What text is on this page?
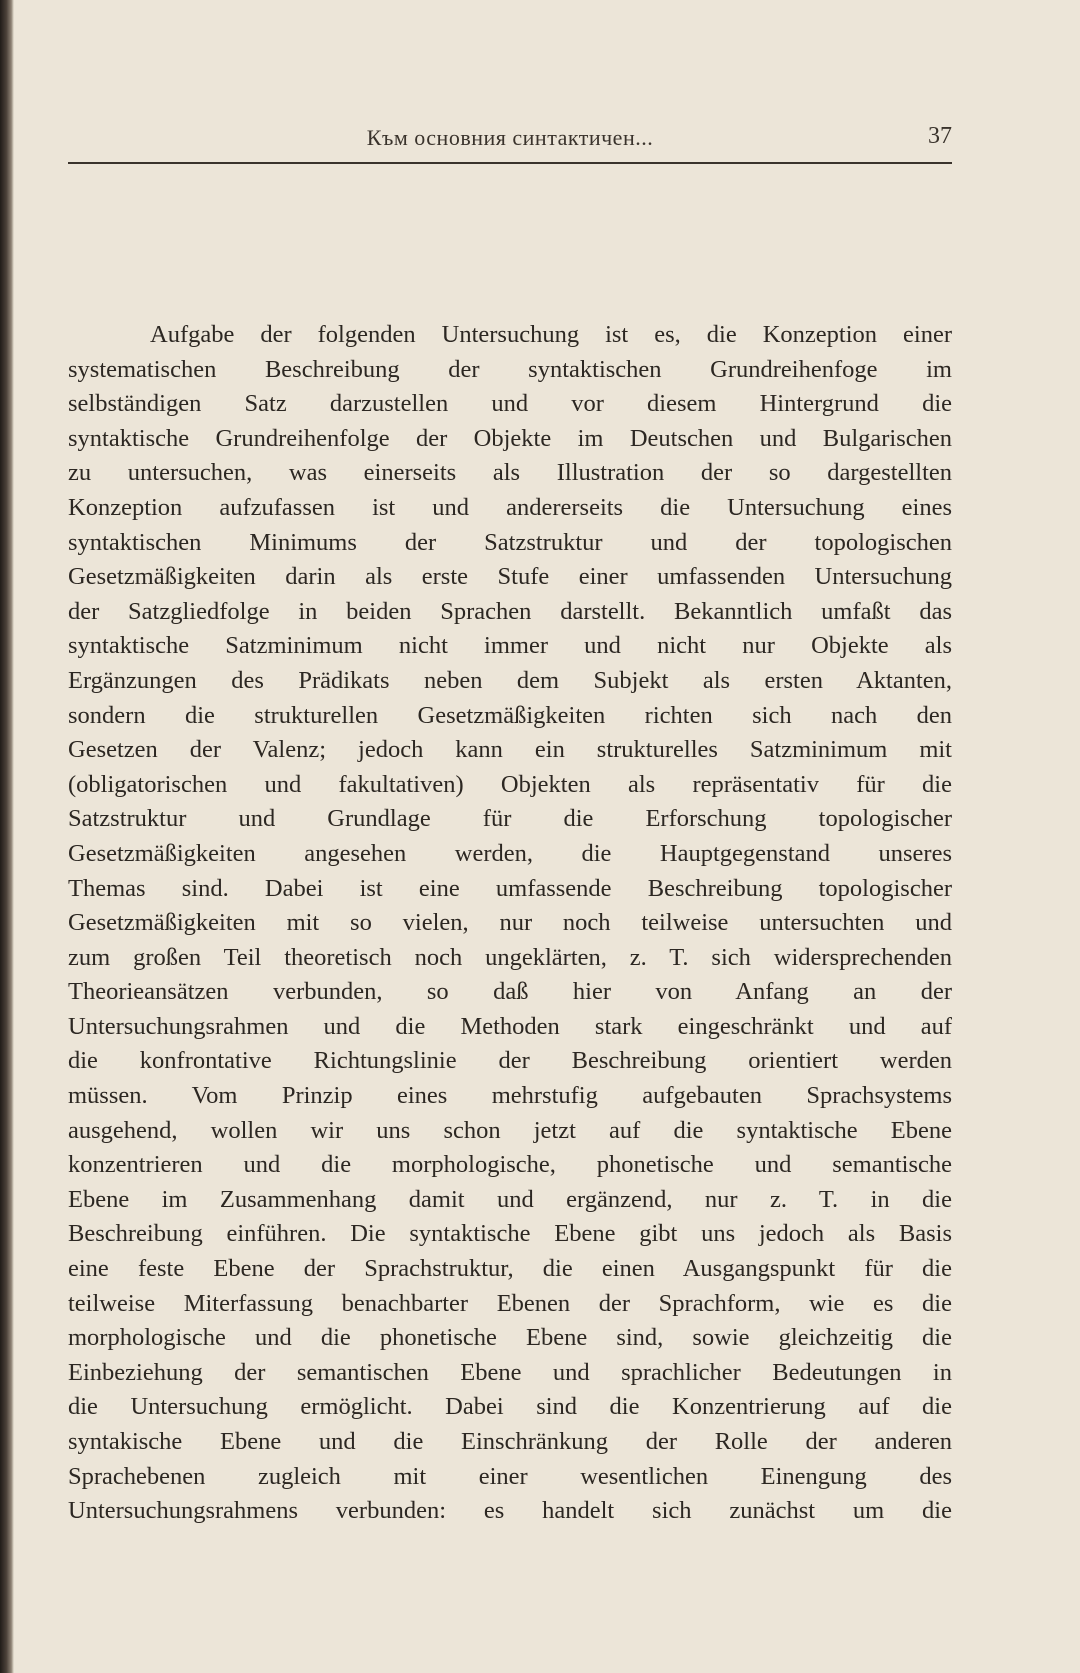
Към основния синтактичен...	37

Aufgabe der folgenden Untersuchung ist es, die Konzeption einer
systematischen Beschreibung der syntaktischen Grundreihenfoge im
selbständigen Satz darzustellen und vor diesem Hintergrund die
syntaktische Grundreihenfolge der Objekte im Deutschen und Bulgarischen
zu untersuchen, was einerseits als Illustration der so dargestellten
Konzeption aufzufassen ist und andererseits die Untersuchung eines
syntaktischen Minimums der Satzstruktur und der topologischen
Gesetzmäßigkeiten darin als erste Stufe einer umfassenden Untersuchung
der Satzgliedfolge in beiden Sprachen darstellt. Bekanntlich umfaßt das
syntaktische Satzminimum nicht immer und nicht nur Objekte als
Ergänzungen des Prädikats neben dem Subjekt als ersten Aktanten,
sondern die strukturellen Gesetzmäßigkeiten richten sich nach den
Gesetzen der Valenz; jedoch kann ein strukturelles Satzminimum mit
(obligatorischen und fakultativen) Objekten als repräsentativ für die
Satzstruktur und Grundlage für die Erforschung topologischer
Gesetzmäßigkeiten angesehen werden, die Hauptgegenstand unseres
Themas sind. Dabei ist eine umfassende Beschreibung topologischer
Gesetzmäßigkeiten mit so vielen, nur noch teilweise untersuchten und
zum großen Teil theoretisch noch ungeklärten, z. T. sich widersprechenden
Theorieansätzen verbunden, so daß hier von Anfang an der
Untersuchungsrahmen und die Methoden stark eingeschränkt und auf
die konfrontative Richtungslinie der Beschreibung orientiert werden
müssen. Vom Prinzip eines mehrstufig aufgebauten Sprachsystems
ausgehend, wollen wir uns schon jetzt auf die syntaktische Ebene
konzentrieren und die morphologische, phonetische und semantische
Ebene im Zusammenhang damit und ergänzend, nur z. T. in die
Beschreibung einführen. Die syntaktische Ebene gibt uns jedoch als Basis
eine feste Ebene der Sprachstruktur, die einen Ausgangspunkt für die
teilweise Miterfassung benachbarter Ebenen der Sprachform, wie es die
morphologische und die phonetische Ebene sind, sowie gleichzeitig die
Einbeziehung der semantischen Ebene und sprachlicher Bedeutungen in
die Untersuchung ermöglicht. Dabei sind die Konzentrierung auf die
syntakische Ebene und die Einschränkung der Rolle der anderen
Sprachebenen zugleich mit einer wesentlichen Einengung des
Untersuchungsrahmens verbunden: es handelt sich zunächst um die
